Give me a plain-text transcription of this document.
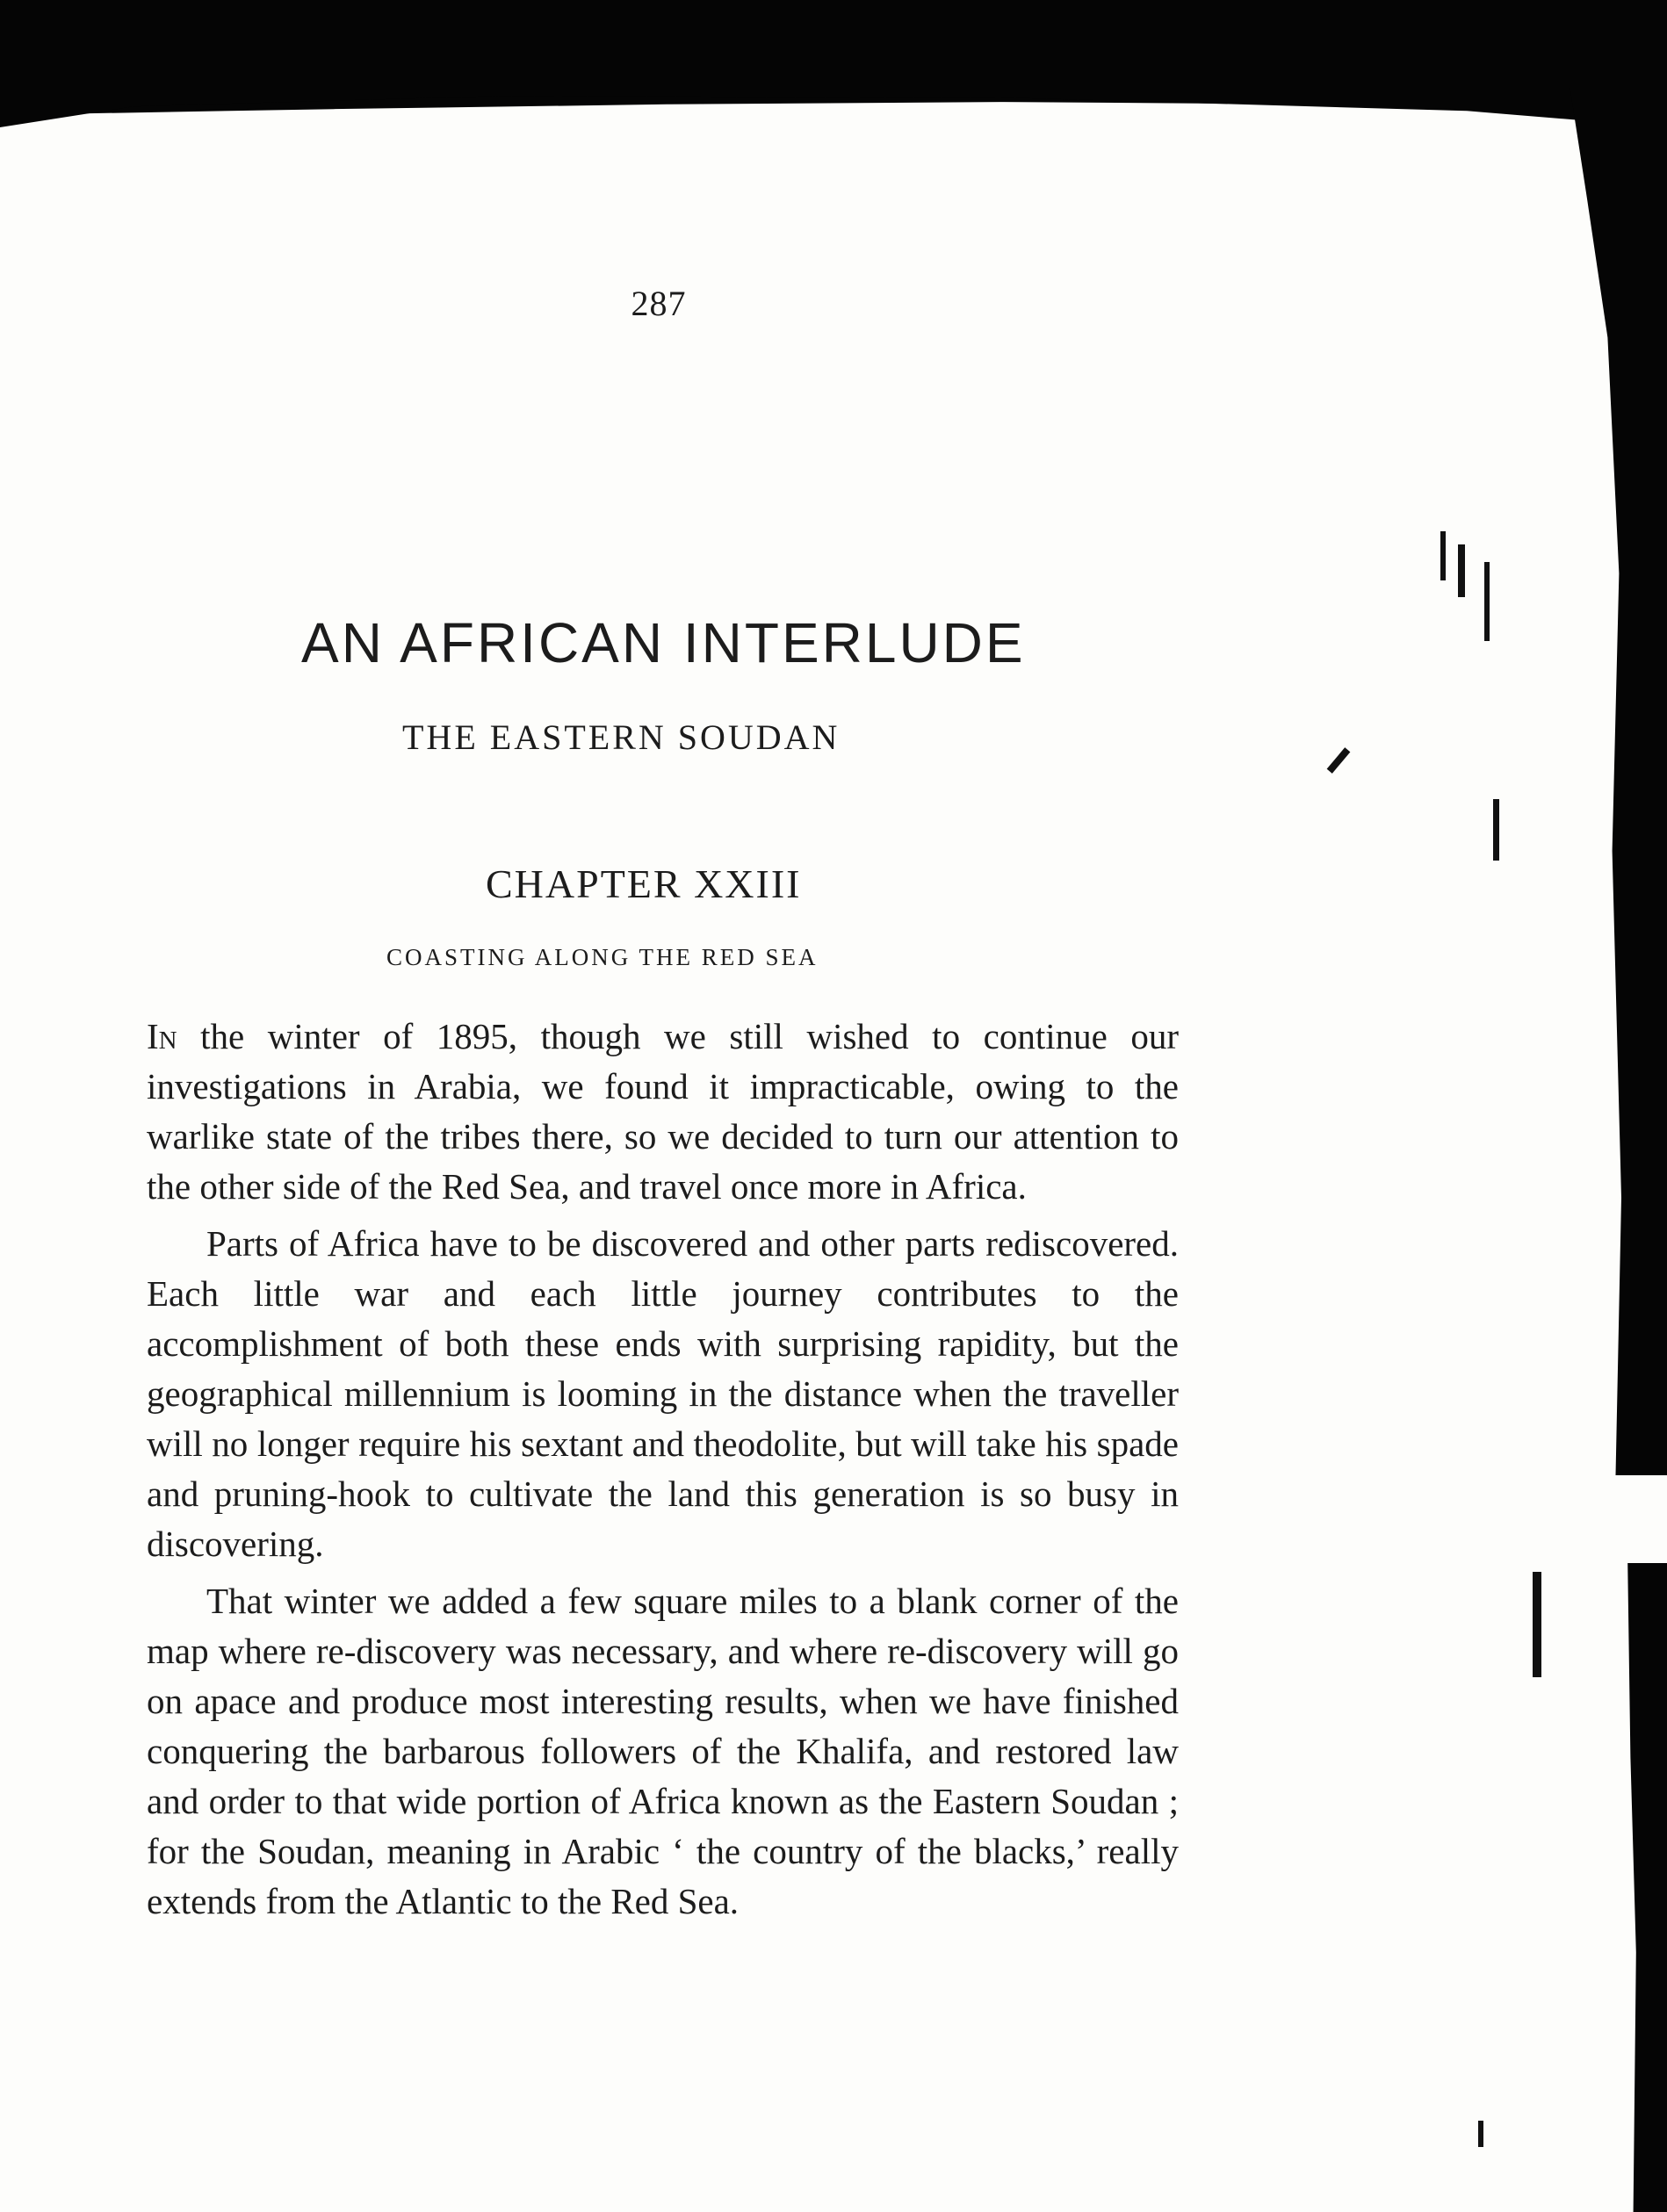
287
AN AFRICAN INTERLUDE
THE EASTERN SOUDAN
CHAPTER XXIII
COASTING ALONG THE RED SEA

In the winter of 1895, though we still wished to continue our investigations in Arabia, we found it impracticable, owing to the warlike state of the tribes there, so we decided to turn our attention to the other side of the Red Sea, and travel once more in Africa.

Parts of Africa have to be discovered and other parts rediscovered. Each little war and each little journey contributes to the accomplishment of both these ends with surprising rapidity, but the geographical millennium is looming in the distance when the traveller will no longer require his sextant and theodolite, but will take his spade and pruning-hook to cultivate the land this generation is so busy in discovering.

That winter we added a few square miles to a blank corner of the map where re-discovery was necessary, and where re-discovery will go on apace and produce most interesting results, when we have finished conquering the barbarous followers of the Khalifa, and restored law and order to that wide portion of Africa known as the Eastern Soudan ; for the Soudan, meaning in Arabic ‘ the country of the blacks,’ really extends from the Atlantic to the Red Sea.
